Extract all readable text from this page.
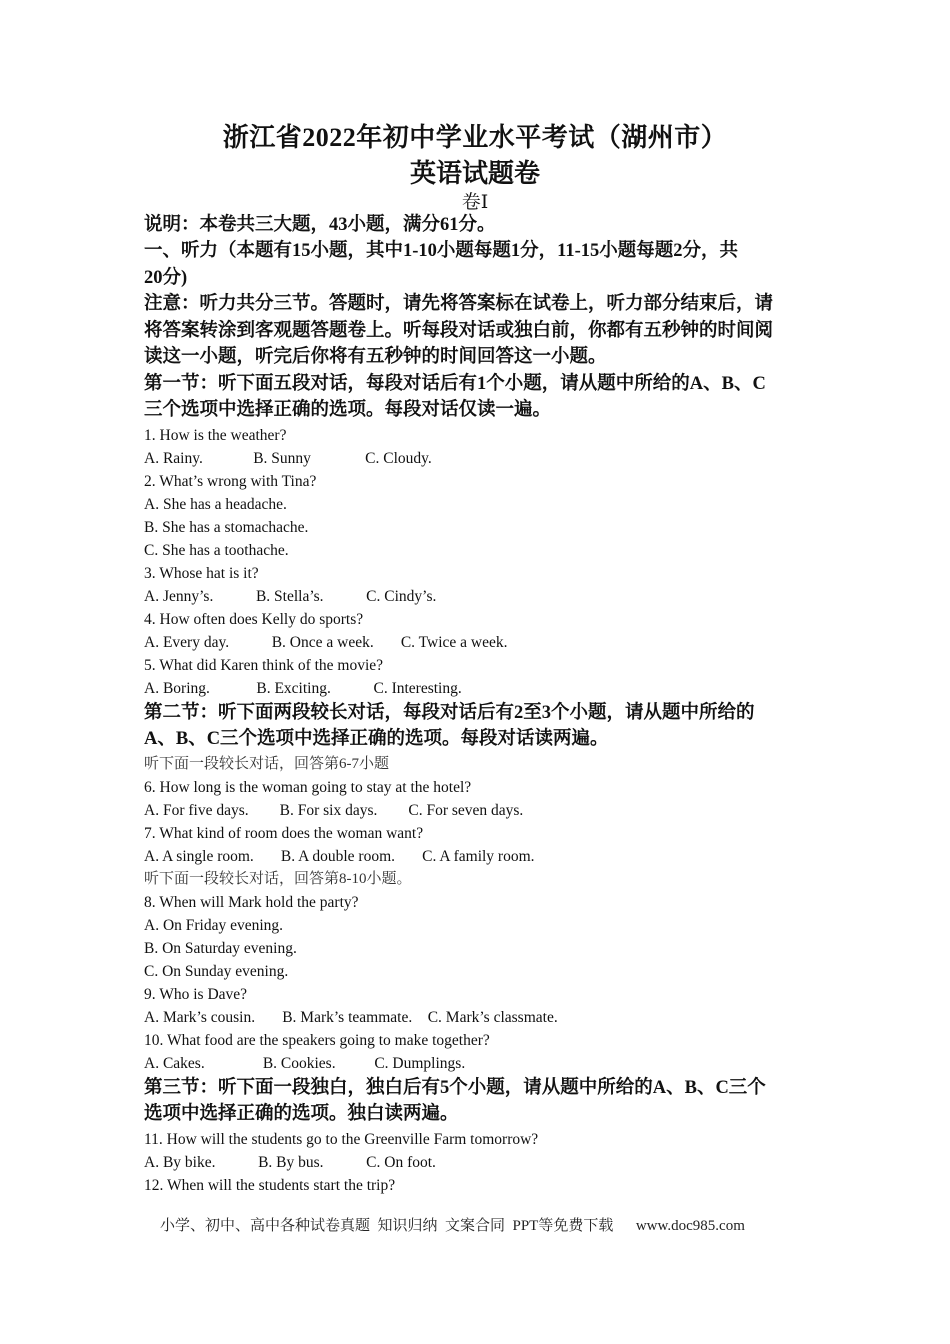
浙江省2022年初中学业水平考试（湖州市）
英语试题卷
卷Ⅰ
说明：本卷共三大题，43小题，满分61分。
一、听力（本题有15小题，其中1-10小题每题1分，11-15小题每题2分，共
20分)
注意：听力共分三节。答题时，请先将答案标在试卷上，听力部分结束后，请
将答案转涂到客观题答题卷上。听每段对话或独白前，你都有五秒钟的时间阅
读这一小题，听完后你将有五秒钟的时间回答这一小题。
第一节：听下面五段对话，每段对话后有1个小题，请从题中所给的A、B、C
三个选项中选择正确的选项。每段对话仅读一遍。
1. How is the weather?
A. Rainy.             B. Sunny              C. Cloudy.
2. What’s wrong with Tina?
A. She has a headache.
B. She has a stomachache.
C. She has a toothache.
3. Whose hat is it?
A. Jenny’s.           B. Stella’s.           C. Cindy’s.
4. How often does Kelly do sports?
A. Every day.           B. Once a week.       C. Twice a week.
5. What did Karen think of the movie?
A. Boring.            B. Exciting.           C. Interesting.
第二节：听下面两段较长对话，每段对话后有2至3个小题，请从题中所给的
A、B、C三个选项中选择正确的选项。每段对话读两遍。
听下面一段较长对话，回答第6-7小题
6. How long is the woman going to stay at the hotel?
A. For five days.        B. For six days.        C. For seven days.
7. What kind of room does the woman want?
A. A single room.       B. A double room.       C. A family room.
听下面一段较长对话，回答第8-10小题。
8. When will Mark hold the party?
A. On Friday evening.
B. On Saturday evening.
C. On Sunday evening.
9. Who is Dave?
A. Mark’s cousin.       B. Mark’s teammate.    C. Mark’s classmate.
10. What food are the speakers going to make together?
A. Cakes.               B. Cookies.          C. Dumplings.
第三节：听下面一段独白，独白后有5个小题，请从题中所给的A、B、C三个
选项中选择正确的选项。独白读两遍。
11. How will the students go to the Greenville Farm tomorrow?
A. By bike.           B. By bus.           C. On foot.
12. When will the students start the trip?
小学、初中、高中各种试卷真题  知识归纳  文案合同  PPT等免费下载      www.doc985.com
